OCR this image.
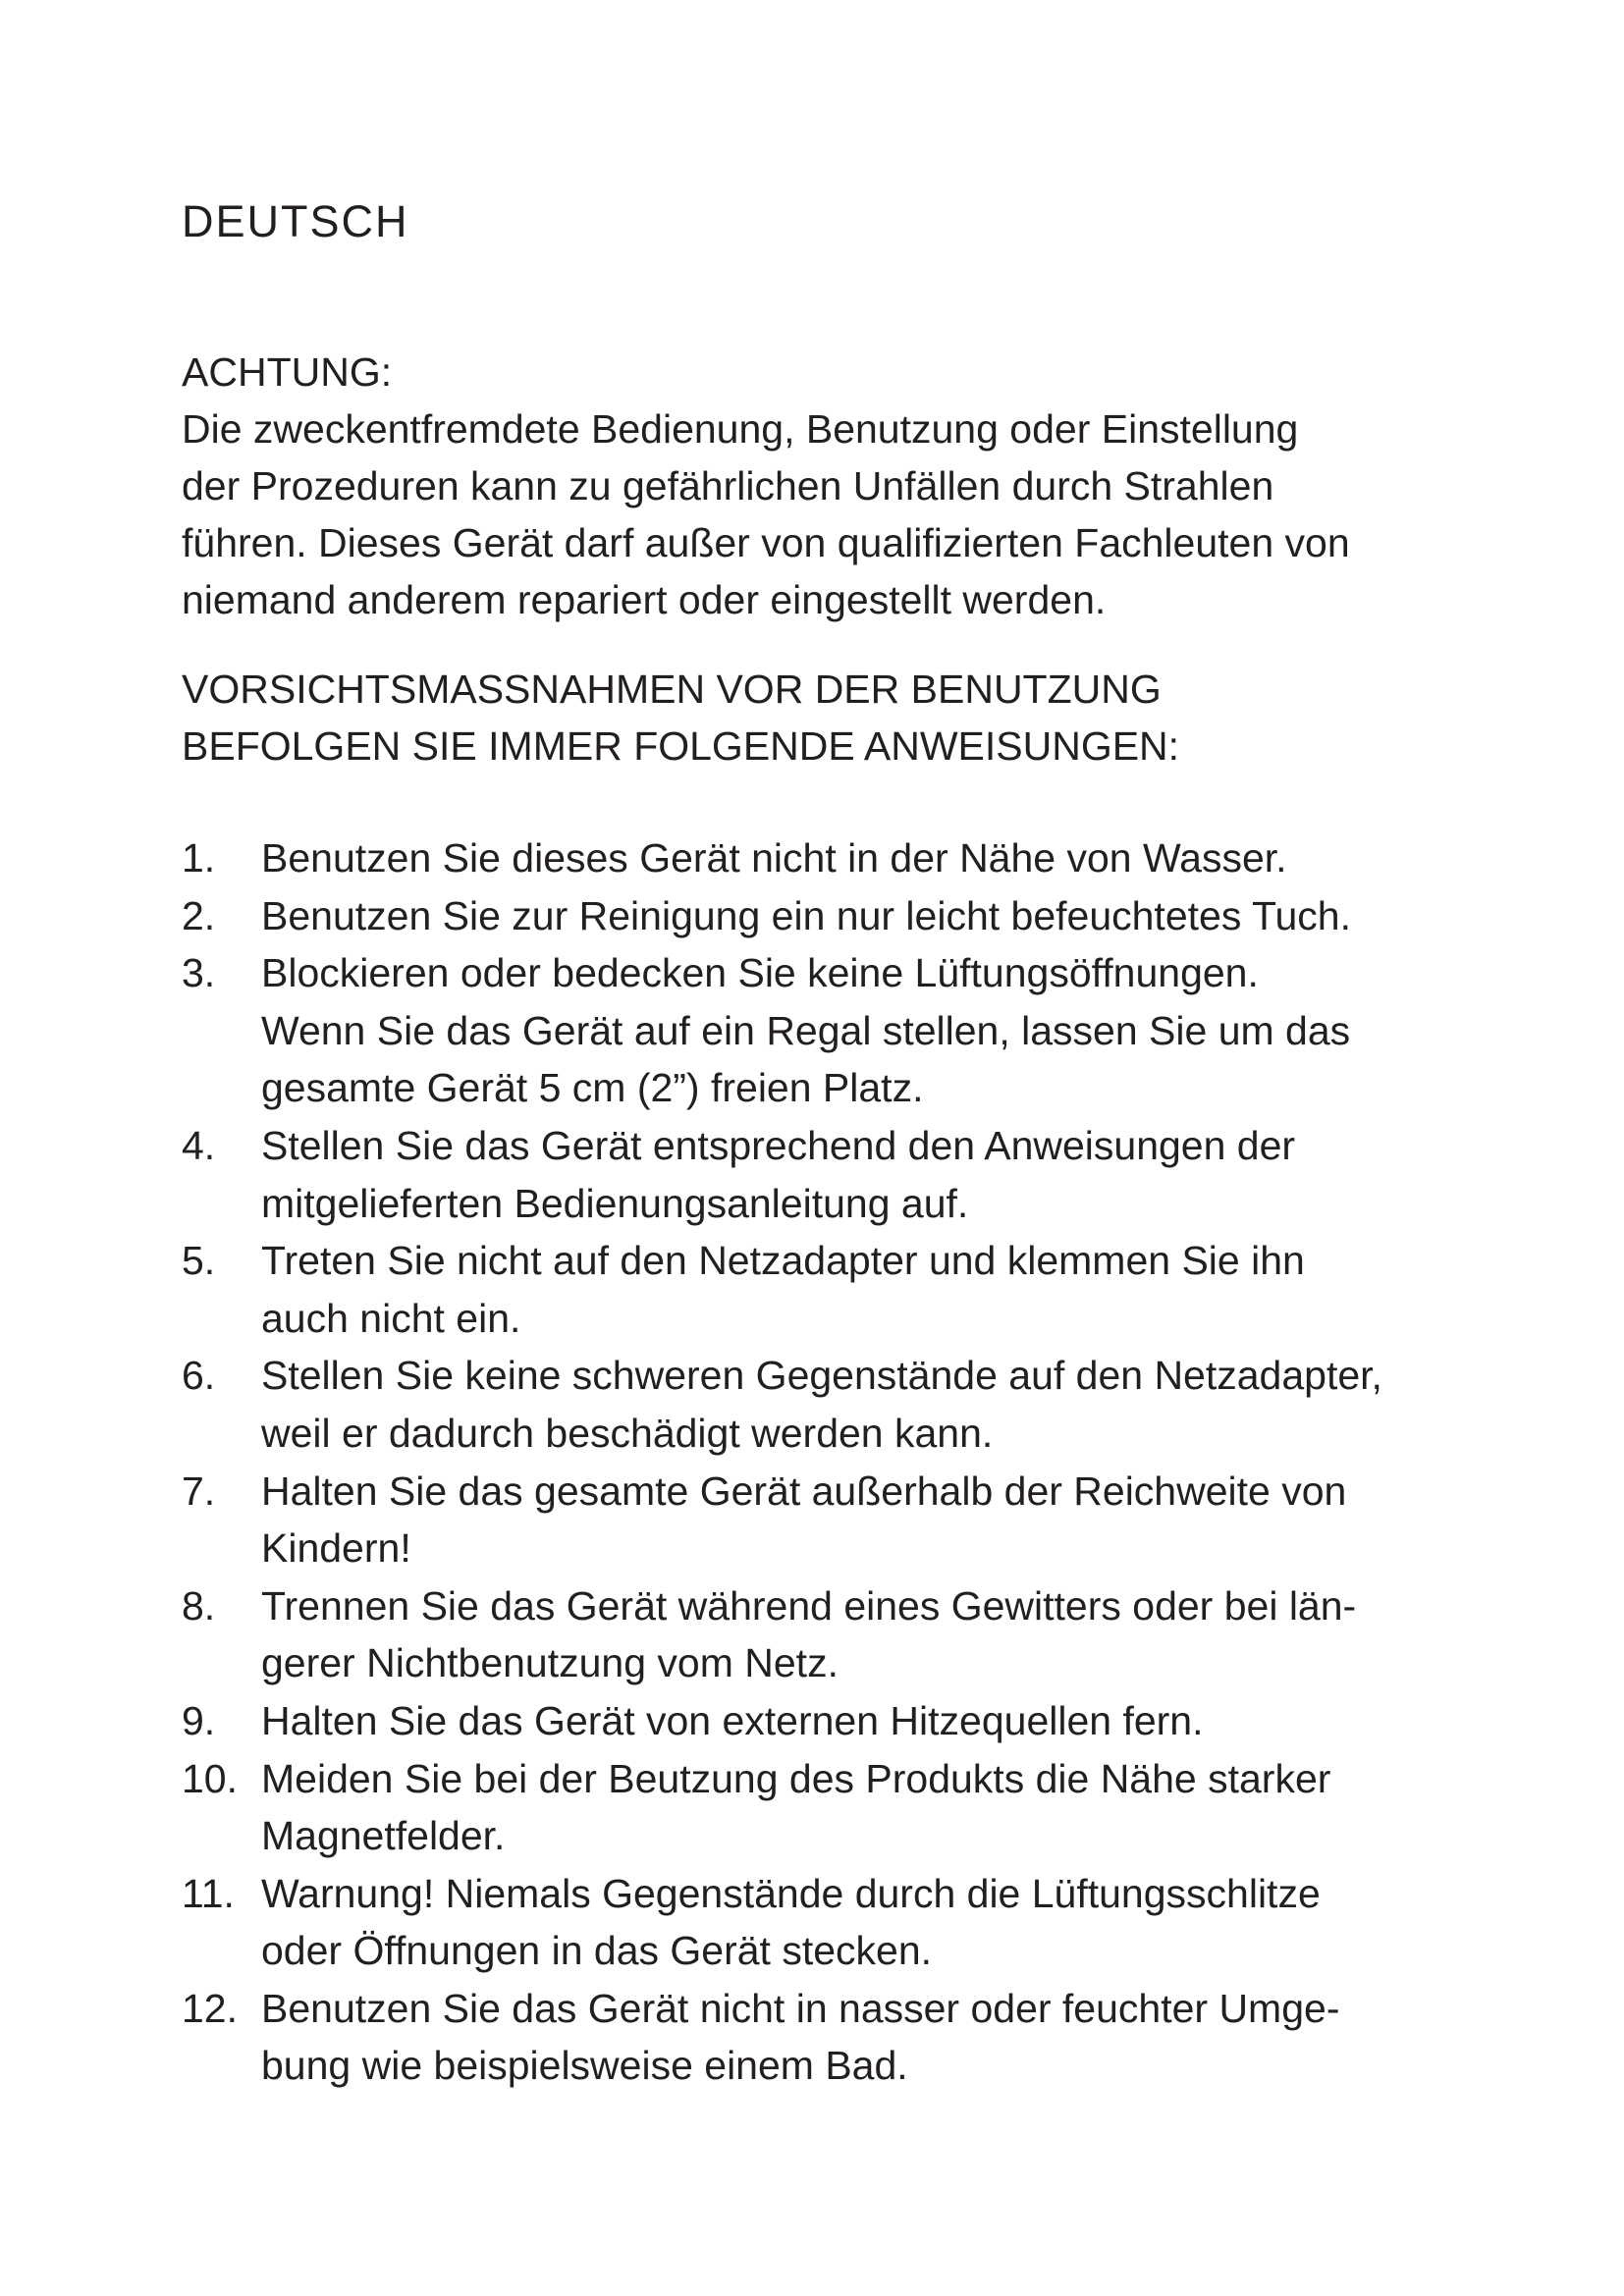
DEUTSCH
ACHTUNG:
Die zweckentfremdete Bedienung, Benutzung oder Einstellung
der Prozeduren kann zu gefährlichen Unfällen durch Strahlen
führen. Dieses Gerät darf außer von qualifizierten Fachleuten von
niemand anderem repariert oder eingestellt werden.
VORSICHTSMASSNAHMEN VOR DER BENUTZUNG
BEFOLGEN SIE IMMER FOLGENDE ANWEISUNGEN:
1.	Benutzen Sie dieses Gerät nicht in der Nähe von Wasser.
2.	Benutzen Sie zur Reinigung ein nur leicht befeuchtetes Tuch.
3.	Blockieren oder bedecken Sie keine Lüftungsöffnungen.
Wenn Sie das Gerät auf ein Regal stellen, lassen Sie um das
gesamte Gerät 5 cm (2”) freien Platz.
4.	Stellen Sie das Gerät entsprechend den Anweisungen der
mitgelieferten Bedienungsanleitung auf.
5.	Treten Sie nicht auf den Netzadapter und klemmen Sie ihn
auch nicht ein.
6.	Stellen Sie keine schweren Gegenstände auf den Netzadapter,
weil er dadurch beschädigt werden kann.
7.	Halten Sie das gesamte Gerät außerhalb der Reichweite von
Kindern!
8.	Trennen Sie das Gerät während eines Gewitters oder bei län-
gerer Nichtbenutzung vom Netz.
9.	Halten Sie das Gerät von externen Hitzequellen fern.
10. Meiden Sie bei der Beutzung des Produkts die Nähe starker
Magnetfelder.
11. Warnung! Niemals Gegenstände durch die Lüftungsschlitze
oder Öffnungen in das Gerät stecken.
12. Benutzen Sie das Gerät nicht in nasser oder feuchter Umge-
bung wie beispielsweise einem Bad.
